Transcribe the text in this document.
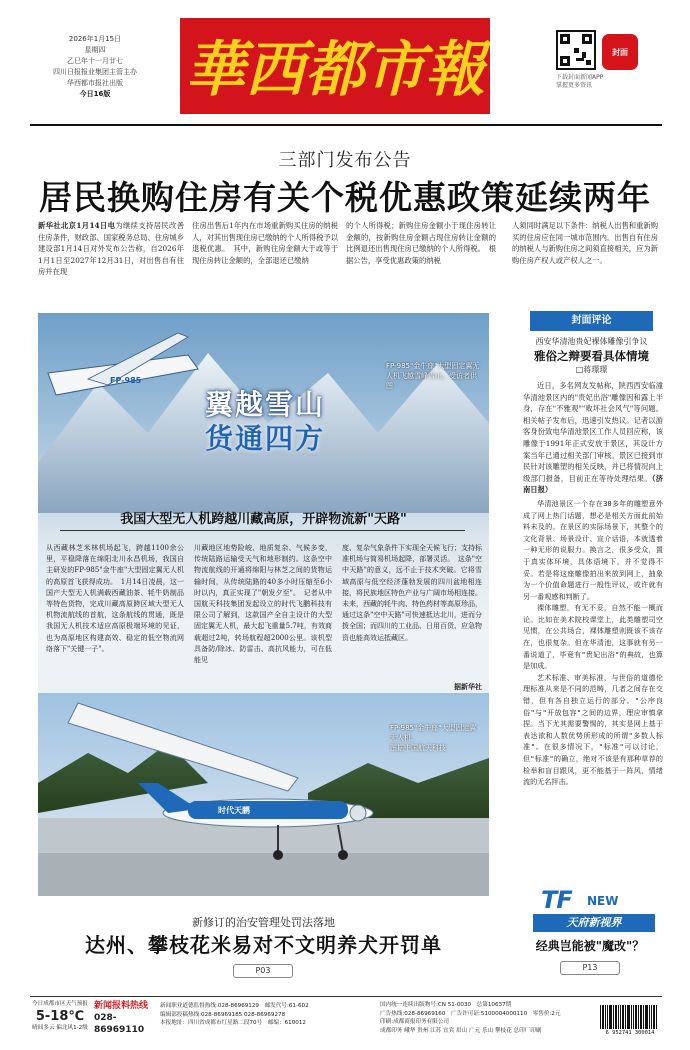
2026年1月15日
星期四
乙巳年十一月廿七
四川日报报业集团主管主办
华西都市报社出版
今日16版	華西都市報	封面
下载封面新闻APP
掌握更多资讯
三部门发布公告
居民换购住房有关个税优惠政策延续两年
新华社北京1月14日电为继续支持居民改善住房条件，财政部、国家税务总局、住房城乡建设部1月14日对外发布公告称，自2026年1月1日至2027年12月31日，对出售自有住房并在现
住房出售后1年内在市场重新购买住房的纳税人，对其出售现住房已缴纳的个人所得税予以退税优惠。　其中，新购住房金额大于或等于现住房转让金额的，全部退还已缴纳
的个人所得税；新购住房金额小于现住房转让金额的，按新购住房金额占现住房转让金额的比例退还出售现住房已缴纳的个人所得税。　根据公告，享受优惠政策的纳税
人须同时满足以下条件：纳税人出售和重新购买的住房应在同一城市范围内。出售自有住房的纳税人与新购住房之间须直接相关，应为新购住房产权人或产权人之一。
FP-985
时代天鹏
FP-985"金牛座"大型固定翼无人机飞越雪峰雪山。受访者供图
FP-985"金牛座"大型固定翼无人机。
图据中国航天科技
翼越雪山
货通四方
我国大型无人机跨越川藏高原，开辟物流新"天路"
从西藏林芝米林机场起飞，跨越1100余公里，平稳降落在绵阳北川永昌机场，我国自主研发的FP-985"金牛座"大型固定翼无人机的高原首飞获得成功。　1月14日凌晨，这一国产大型无人机满载西藏油茶、牦牛奶制品等特色货物，完成川藏高原跨区域大型无人机物流航线的首航，这条航线的贯通，既是我国无人机技术适应高原极端环境的见证，也为高原地区构建高效、稳定的低空物流网络落下"关键一子"。
川藏地区地势险峻、地质复杂、气候多变，传统陆路运输受天气和地形制约。这条空中物流航线的开通将绵阳与林芝之间的货物运输时间，从传统陆路的40多小时压缩至6小时以内，真正实现了"朝发夕至"。　记者从中国航天科技集团发起设立的时代飞鹏科技有限公司了解到，这款国产全自主设计的大型固定翼无人机，最大起飞重量5.7吨，有效商载超过2吨，转场航程超2000公里。该机型具备防/除冰、防雷击、高抗风能力，可在低能见
度、复杂气象条件下实现全天候飞行；支持标准机场与简易机场起降，部署灵活。　这条"空中天路"的意义，远不止于技术突破。它将雪域高原与低空经济蓬勃发展的四川盆地相连接，将民族地区特色产业与广阔市场相连接。未来，西藏的牦牛肉、特色药材等高原珍品，通过这条"空中天路"可快速抵达北川，进而分拨全国；而四川的工业品、日用百货、应急物资也能高效运抵藏区。
据新华社
封面评论
西安华清池贵妃裸体雕像引争议
雅俗之辩要看具体情境
□蒋璟璟
近日，多名网友发帖称，陕西西安临潼华清池景区内的"贵妃出浴"雕像因和露上半身，存在"不雅观""败坏社会风气"等问题。相关帖子发布后，迅速引发热议。记者以游客身份致电华清池景区工作人员回应称，该雕像于1991年正式安放于景区，其设计方案当年已通过相关部门审核。景区已接到市民针对该雕塑的相关反映，并已将情况向上级部门报备，目前正在等待处理结果。（济南日报）
华清池景区一个存在30多年的雕塑意外成了网上热门话题，想必是相关方面此前始料未及的。在景区的实际场景下，其整个的文化背景、场景设计、宣介话语，本就透着一种无形的说服力。换言之，很多受众，置于真实体环境，具体语境下，并不觉得不妥。若是将这座雕像拍出来放到网上，抽象为一个价值命题进行一般性评议，或许就有另一番观感和判断了。
裸体雕塑，有无不妥，自然不能一概而论。比如在美术院校课堂上，此类雕塑司空见惯，在公共场合，裸体雕塑则既该不该存在，也很复杂。但在华清池，这事就有另一番说道了，毕竟有"贵妃出浴"的典故，也算是加成。
艺术标准、审美标准，与世俗的道德伦理标准从来是不同的范畴，几者之间存在交错，但有各自独立运行的部分。"公序良俗"与"开放包容"之间的边界，理应审慎拿捏。当下尤其需要警惕的，其实是网上基于表达欲和人数优势所形成的所谓"多数人标准"。在很多情况下，"标准"可以讨论，但"标准"的确立，绝对不该是有那种草荐的检举和盲目跟风，更不能基于一阵风、情绪流的无名抨击。
TF NEW
天府新视界
经典岂能被"魔改"？
P13
新修订的治安管理处罚法落地
达州、攀枝花米易对不文明养犬开罚单
P03
今日成都市区天气预报
5-18℃
晴间多云 偏北风1-2级
新闻报料热线
028-86969110
新闻职业道德监督热线:028-86969129　邮发代号:61-602
编辑部投稿热线:028-86969185 028-86969278
本报地址：四川省成都市红星路二段70号　邮编：610012
国内统一连续出版物号:CN 51-0030　总第10637期
广告热线:028-86969160　广告许可证:5100004000110　零售价:2元
印刷:成都商报印务有限公司
成都印务 峨华 贵州 江苏 宜宾 眉山 广元 乐山 攀枝花 总印厂印刷	6 952741 300014
